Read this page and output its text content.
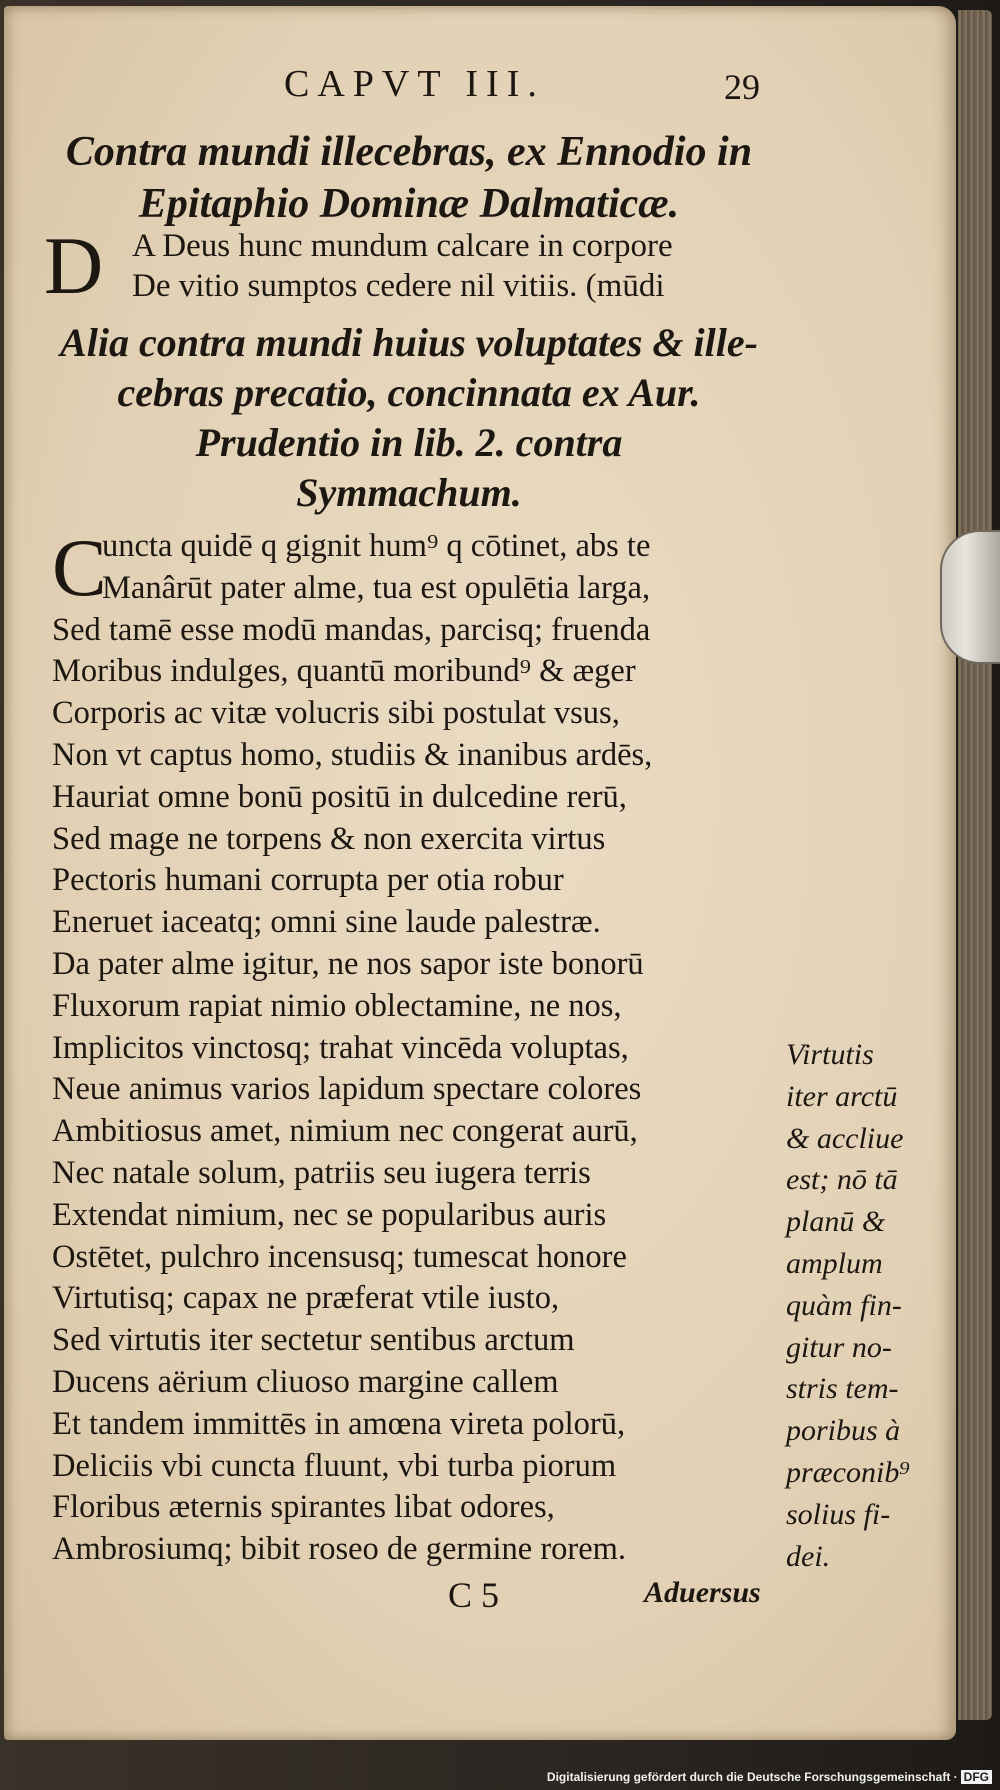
CAPVT III.	29
Contra mundi illecebras, ex Ennodio in
Epitaphio Dominæ Dalmaticæ.
D A Deus hunc mundum calcare in corpore
De vitio sumptos cedere nil vitiis. (mūdi
Alia contra mundi huius voluptates & ille-
cebras precatio, concinnata ex Aur.
Prudentio in lib. 2. contra
Symmachum.
C
uncta quidē q gignit hum⁹ q cōtinet, abs te
Manârūt pater alme, tua est opulētia larga,
Sed tamē esse modū mandas, parcisq; fruenda
Moribus indulges, quantū moribund⁹ & æger
Corporis ac vitæ volucris sibi postulat vsus,
Non vt captus homo, studiis & inanibus ardēs,
Hauriat omne bonū positū in dulcedine rerū,
Sed mage ne torpens & non exercita virtus
Pectoris humani corrupta per otia robur
Eneruet iaceatq; omni sine laude palestræ.
Da pater alme igitur, ne nos sapor iste bonorū
Fluxorum rapiat nimio oblectamine, ne nos,
Implicitos vinctosq; trahat vincēda voluptas,
Neue animus varios lapidum spectare colores
Ambitiosus amet, nimium nec congerat aurū,
Nec natale solum, patriis seu iugera terris
Extendat nimium, nec se popularibus auris
Ostētet, pulchro incensusq; tumescat honore
Virtutisq; capax ne præferat vtile iusto,
Sed virtutis iter sectetur sentibus arctum
Ducens aërium cliuoso margine callem
Et tandem immittēs in amœna vireta polorū,
Deliciis vbi cuncta fluunt, vbi turba piorum
Floribus æternis spirantes libat odores,
Ambrosiumq; bibit roseo de germine rorem.
Virtutis
iter arctū
& accliue
est; nō tā
planū &
amplum
quàm fin-
gitur no-
stris tem-
poribus à
præconib⁹
solius fi-
dei.
C 5	Aduersus
Digitalisierung gefördert durch die Deutsche Forschungsgemeinschaft · DFG
